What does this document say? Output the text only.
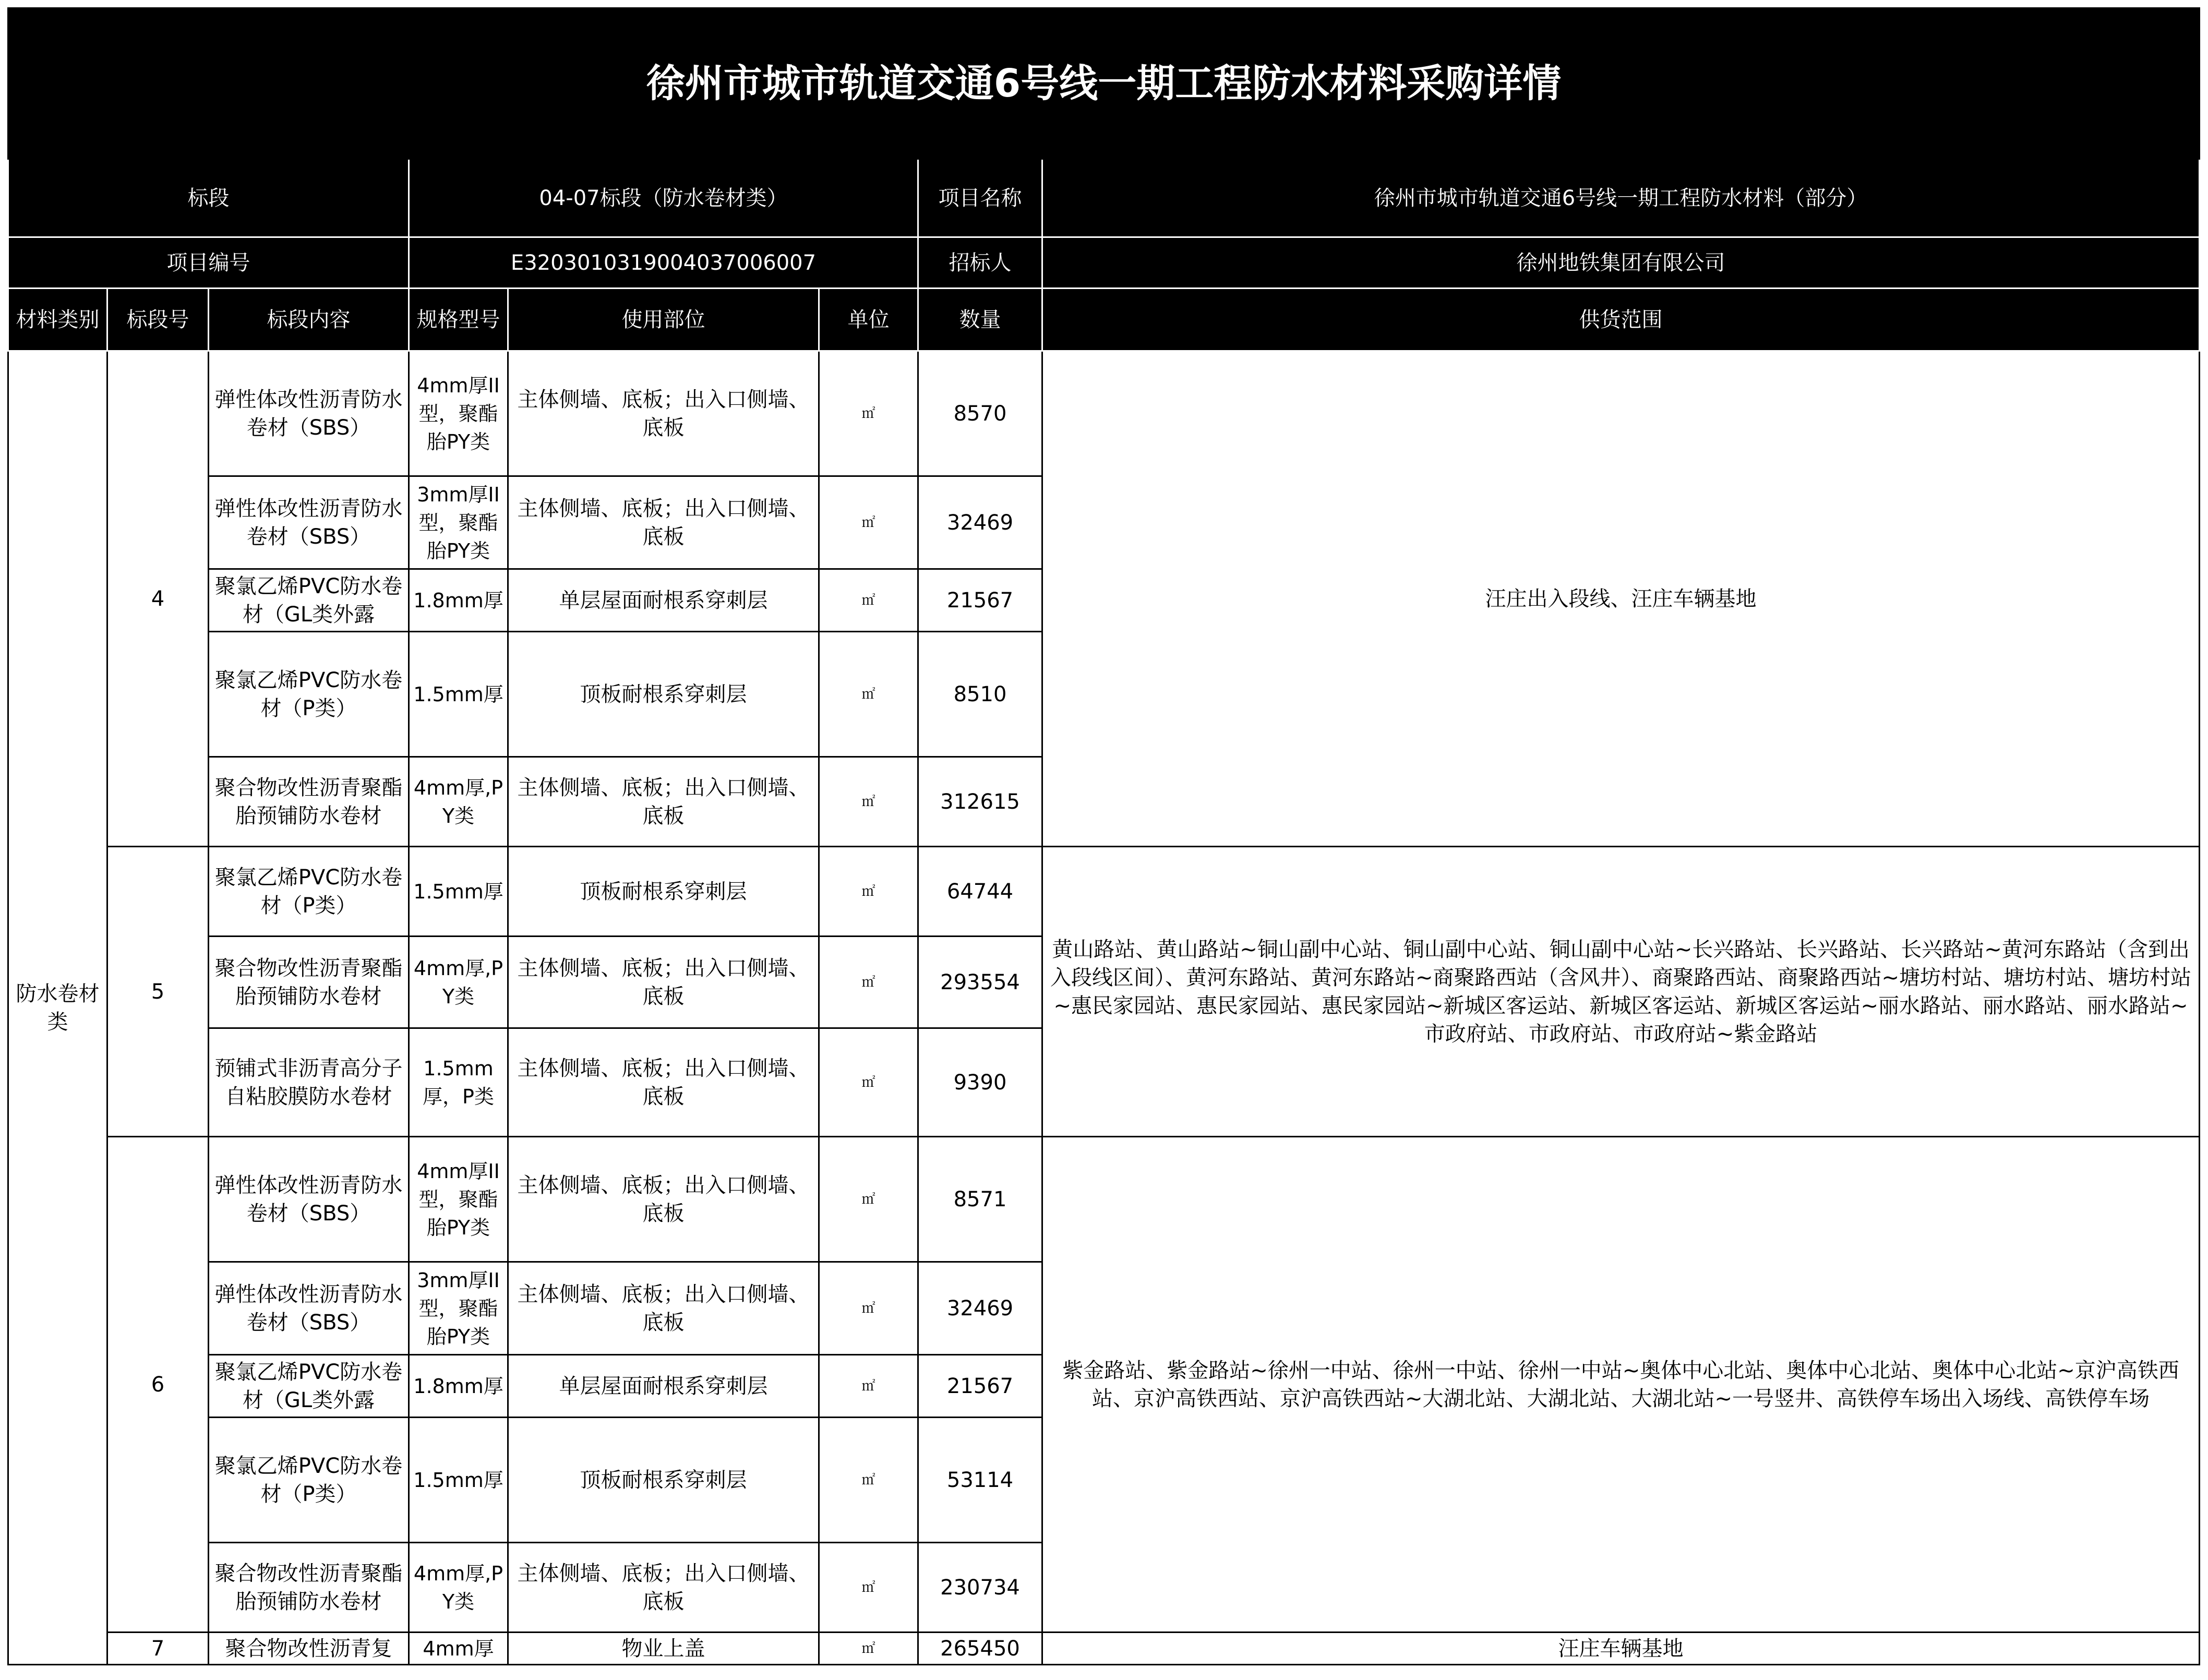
徐州市城市轨道交通6号线一期工程防水材料采购详情							
标段			04-07标段（防水卷材类）			项目名称	徐州市城市轨道交通6号线一期工程防水材料（部分）
项目编号			E3203010319004037006007			招标人	徐州地铁集团有限公司
材料类别	标段号	标段内容	规格型号	使用部位	单位	数量	供货范围
防水卷材类	4	弹性体改性沥青防水卷材（SBS）	4mm厚II型，聚酯胎PY类	主体侧墙、底板；出入口侧墙、底板	㎡	8570	汪庄出入段线、汪庄车辆基地
		弹性体改性沥青防水卷材（SBS）	3mm厚II型，聚酯胎PY类	主体侧墙、底板；出入口侧墙、底板	㎡	32469	
		聚氯乙烯PVC防水卷材（GL类外露	1.8mm厚	单层屋面耐根系穿刺层	㎡	21567	
		聚氯乙烯PVC防水卷材（P类）	1.5mm厚	顶板耐根系穿刺层	㎡	8510	
		聚合物改性沥青聚酯胎预铺防水卷材	4mm厚,PY类	主体侧墙、底板；出入口侧墙、底板	㎡	312615	
	5	聚氯乙烯PVC防水卷材（P类）	1.5mm厚	顶板耐根系穿刺层	㎡	64744	黄山路站、黄山路站~铜山副中心站、铜山副中心站、铜山副中心站~长兴路站、长兴路站、长兴路站~黄河东路站（含到出入段线区间）、黄河东路站、黄河东路站~商聚路西站（含风井）、商聚路西站、商聚路西站~塘坊村站、塘坊村站、塘坊村站~惠民家园站、惠民家园站、惠民家园站~新城区客运站、新城区客运站、新城区客运站~丽水路站、丽水路站、丽水路站~市政府站、市政府站、市政府站~紫金路站
		聚合物改性沥青聚酯胎预铺防水卷材	4mm厚,PY类	主体侧墙、底板；出入口侧墙、底板	㎡	293554	
		预铺式非沥青高分子自粘胶膜防水卷材	1.5mm厚，P类	主体侧墙、底板；出入口侧墙、底板	㎡	9390	
	6	弹性体改性沥青防水卷材（SBS）	4mm厚II型，聚酯胎PY类	主体侧墙、底板；出入口侧墙、底板	㎡	8571	紫金路站、紫金路站~徐州一中站、徐州一中站、徐州一中站~奥体中心北站、奥体中心北站、奥体中心北站~京沪高铁西站、京沪高铁西站、京沪高铁西站~大湖北站、大湖北站、大湖北站~一号竖井、高铁停车场出入场线、高铁停车场
		弹性体改性沥青防水卷材（SBS）	3mm厚II型，聚酯胎PY类	主体侧墙、底板；出入口侧墙、底板	㎡	32469	
		聚氯乙烯PVC防水卷材（GL类外露	1.8mm厚	单层屋面耐根系穿刺层	㎡	21567	
		聚氯乙烯PVC防水卷材（P类）	1.5mm厚	顶板耐根系穿刺层	㎡	53114	
		聚合物改性沥青聚酯胎预铺防水卷材	4mm厚,PY类	主体侧墙、底板；出入口侧墙、底板	㎡	230734	
	7	聚合物改性沥青复	4mm厚	物业上盖	㎡	265450	汪庄车辆基地
